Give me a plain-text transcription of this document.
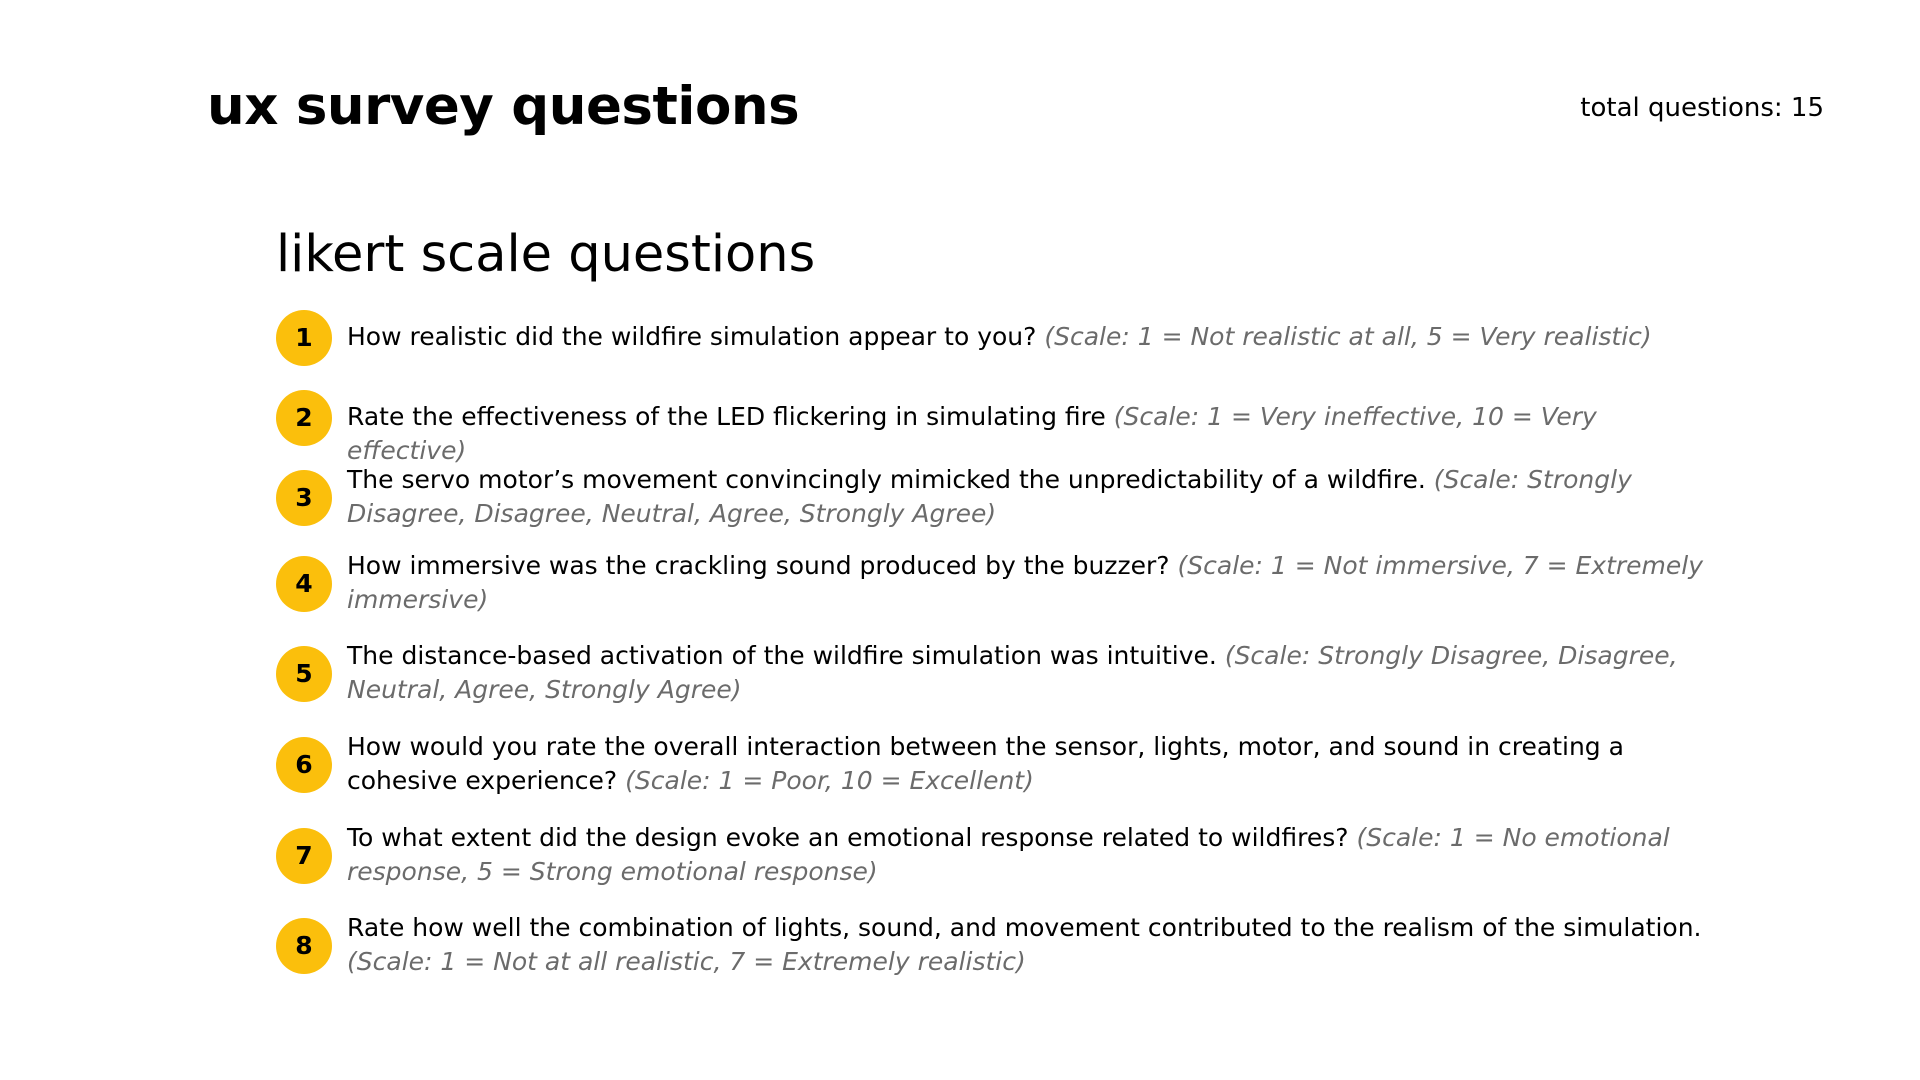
ux survey questions	total questions: 15
likert scale questions
1	How realistic did the wildfire simulation appear to you? (Scale: 1 = Not realistic at all, 5 = Very realistic)
2	Rate the effectiveness of the LED flickering in simulating fire (Scale: 1 = Very ineffective, 10 = Very effective)
3
The servo motor’s movement convincingly mimicked the unpredictability of a wildfire. (Scale: Strongly Disagree, Disagree, Neutral, Agree, Strongly Agree)
4
How immersive was the crackling sound produced by the buzzer? (Scale: 1 = Not immersive, 7 = Extremely immersive)
5
The distance-based activation of the wildfire simulation was intuitive. (Scale: Strongly Disagree, Disagree, Neutral, Agree, Strongly Agree)
6
How would you rate the overall interaction between the sensor, lights, motor, and sound in creating a cohesive experience? (Scale: 1 = Poor, 10 = Excellent)
7
To what extent did the design evoke an emotional response related to wildfires? (Scale: 1 = No emotional response, 5 = Strong emotional response)
8
Rate how well the combination of lights, sound, and movement contributed to the realism of the simulation. (Scale: 1 = Not at all realistic, 7 = Extremely realistic)
